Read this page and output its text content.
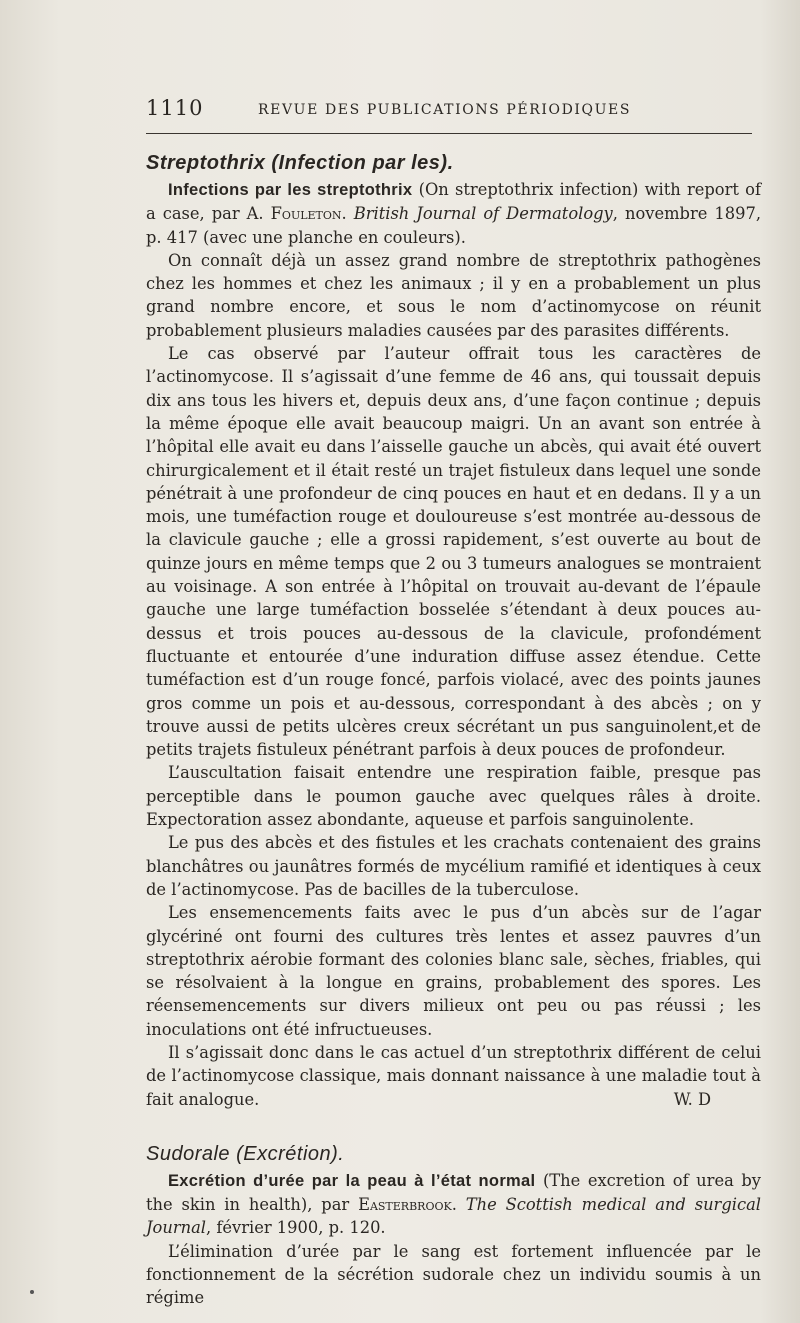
1110	REVUE DES PUBLICATIONS PÉRIODIQUES
Streptothrix (Infection par les).

Infections par les streptothrix (On streptothrix infection) with report of a case, par A. Fouleton. British Journal of Dermatology, novembre 1897, p. 417 (avec une planche en couleurs).

On connaît déjà un assez grand nombre de streptothrix pathogènes chez les hommes et chez les animaux ; il y en a probablement un plus grand nombre encore, et sous le nom d’actinomycose on réunit probablement plusieurs maladies causées par des parasites différents.

Le cas observé par l’auteur offrait tous les caractères de l’actinomycose. Il s’agissait d’une femme de 46 ans, qui toussait depuis dix ans tous les hivers et, depuis deux ans, d’une façon continue ; depuis la même époque elle avait beaucoup maigri. Un an avant son entrée à l’hôpital elle avait eu dans l’aisselle gauche un abcès, qui avait été ouvert chirurgicalement et il était resté un trajet fistuleux dans lequel une sonde pénétrait à une profondeur de cinq pouces en haut et en dedans. Il y a un mois, une tuméfaction rouge et douloureuse s’est montrée au-dessous de la clavicule gauche ; elle a grossi rapidement, s’est ouverte au bout de quinze jours en même temps que 2 ou 3 tumeurs analogues se montraient au voisinage. A son entrée à l’hôpital on trouvait au-devant de l’épaule gauche une large tuméfaction bosselée s’étendant à deux pouces au-dessus et trois pouces au-dessous de la clavicule, profondément fluctuante et entourée d’une induration diffuse assez étendue. Cette tuméfaction est d’un rouge foncé, parfois violacé, avec des points jaunes gros comme un pois et au-dessous, correspondant à des abcès ; on y trouve aussi de petits ulcères creux sécrétant un pus sanguinolent,et de petits trajets fistuleux pénétrant parfois à deux pouces de profondeur.

L’auscultation faisait entendre une respiration faible, presque pas perceptible dans le poumon gauche avec quelques râles à droite. Expectoration assez abondante, aqueuse et parfois sanguinolente.

Le pus des abcès et des fistules et les crachats contenaient des grains blanchâtres ou jaunâtres formés de mycélium ramifié et identiques à ceux de l’actinomycose. Pas de bacilles de la tuberculose.

Les ensemencements faits avec le pus d’un abcès sur de l’agar glycériné ont fourni des cultures très lentes et assez pauvres d’un streptothrix aérobie formant des colonies blanc sale, sèches, friables, qui se résolvaient à la longue en grains, probablement des spores. Les réensemencements sur divers milieux ont peu ou pas réussi ; les inoculations ont été infructueuses.

Il s’agissait donc dans le cas actuel d’un streptothrix différent de celui de l’actinomycose classique, mais donnant naissance à une maladie tout à fait analogue.	W. D

Sudorale (Excrétion).

Excrétion d’urée par la peau à l’état normal (The excretion of urea by the skin in health), par Easterbrook. The Scottish medical and surgical Journal, février 1900, p. 120.

L’élimination d’urée par le sang est fortement influencée par le fonctionnement de la sécrétion sudorale chez un individu soumis à un régime
